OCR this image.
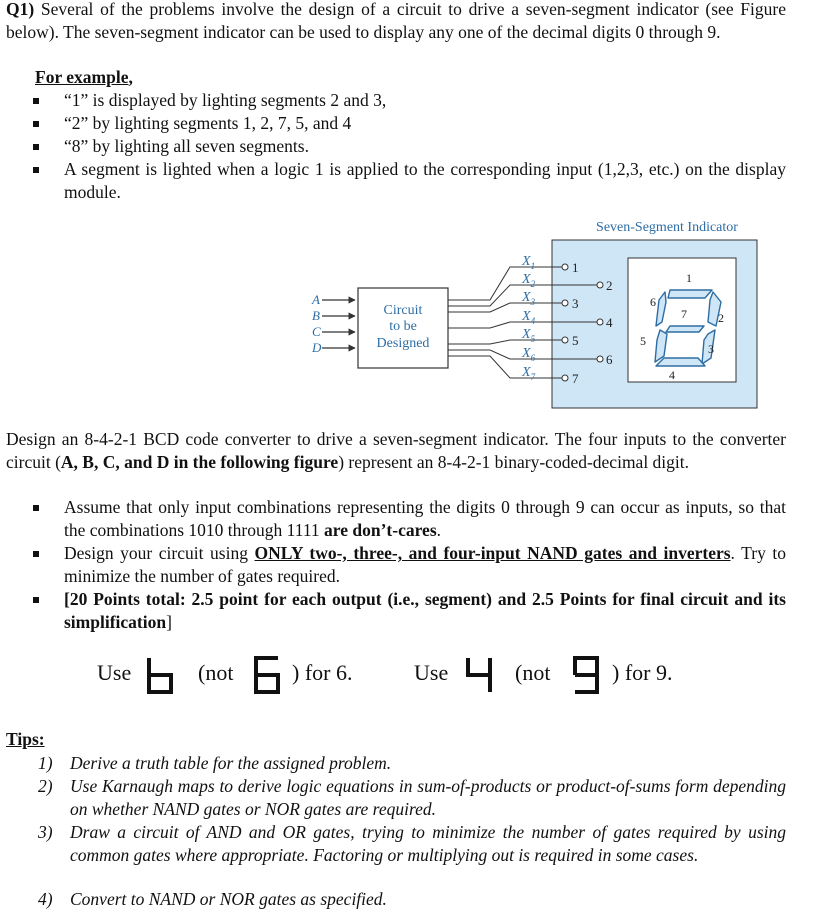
Q1) Several of the problems involve the design of a circuit to drive a seven-segment indicator (see Figure below). The seven-segment indicator can be used to display any one of the decimal digits 0 through 9.
For example,
“1” is displayed by lighting segments 2 and 3,
“2” by lighting segments 1, 2, 7, 5, and 4
“8” by lighting all seven segments.
A segment is lighted when a logic 1 is applied to the corresponding input (1,2,3, etc.) on the display module.
Seven-Segment Indicator
A
B
C
D
Circuit
to be
Designed
$X_1$
$X_2$
$X_3$
$X_4$
$X_5$
$X_6$
$X_7$
1
2
3
4
5
6
7
1
2
3
4
5
6
7
Design an 8-4-2-1 BCD code converter to drive a seven-segment indicator. The four inputs to the converter circuit (A, B, C, and D in the following figure) represent an 8-4-2-1 binary-coded-decimal digit.
Assume that only input combinations representing the digits 0 through 9 can occur as inputs, so that the combinations 1010 through 1111 are don’t-cares.
Design your circuit using ONLY two-, three-, and four-input NAND gates and inverters. Try to minimize the number of gates required.
[20 Points total: 2.5 point for each output (i.e., segment) and 2.5 Points for final circuit and its simplification]
Use	(not	) for 6.	Use	(not	) for 9.
Tips:
1) Derive a truth table for the assigned problem.
2) Use Karnaugh maps to derive logic equations in sum-of-products or product-of-sums form depending on whether NAND gates or NOR gates are required.
3) Draw a circuit of AND and OR gates, trying to minimize the number of gates required by using common gates where appropriate. Factoring or multiplying out is required in some cases.
4) Convert to NAND or NOR gates as specified.
